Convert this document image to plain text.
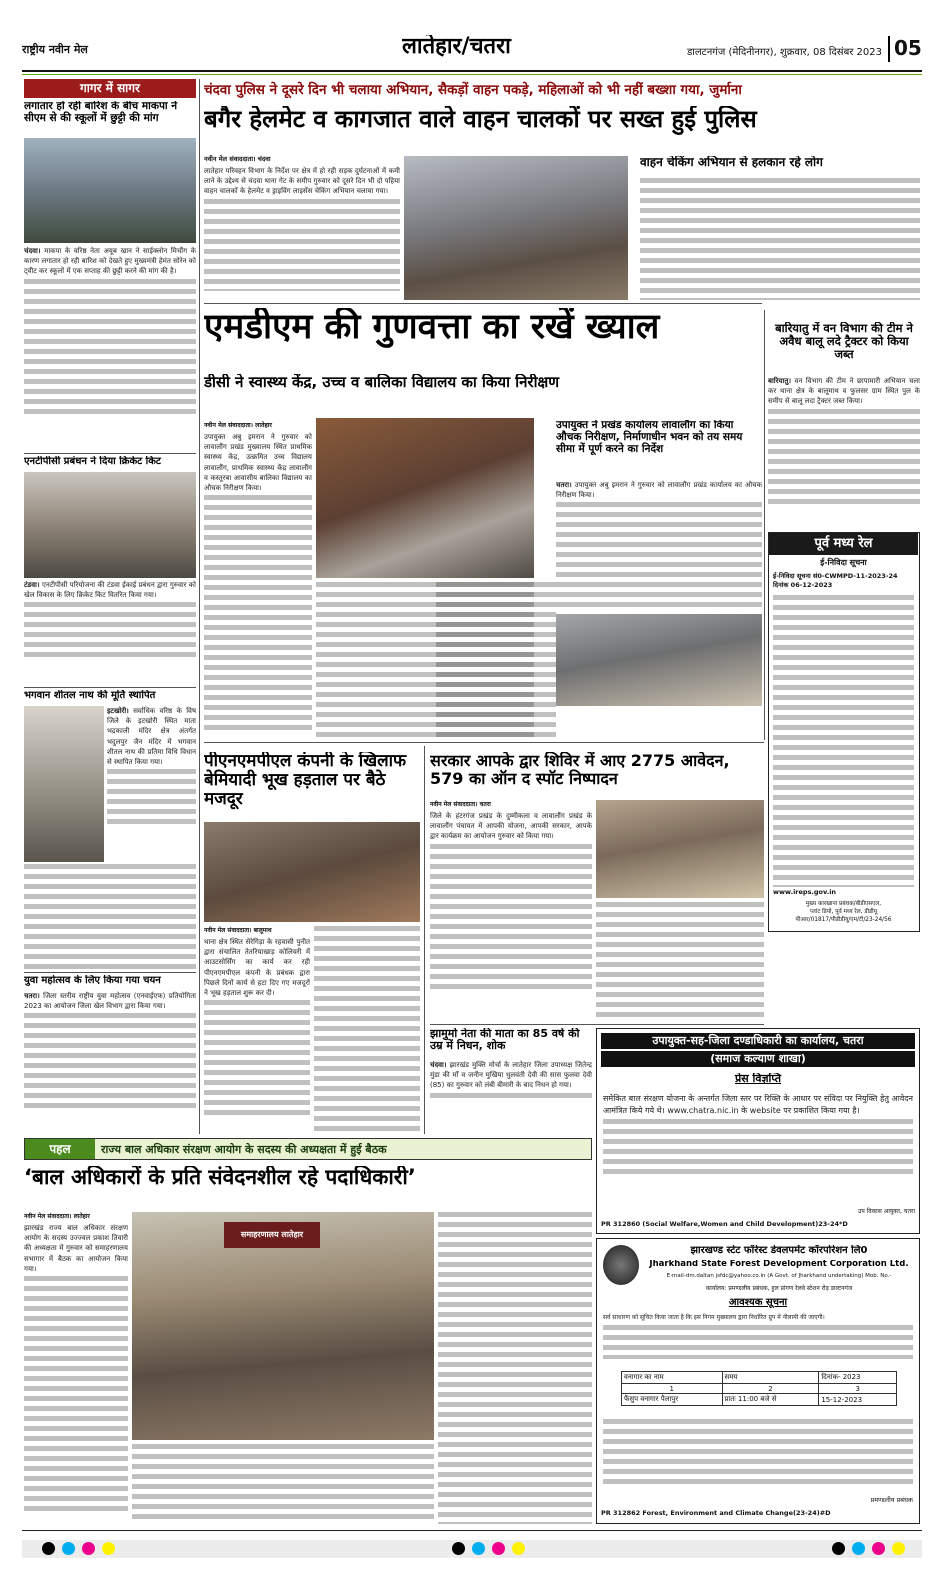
राष्ट्रीय नवीन मेल	लातेहार/चतरा	डालटनगंज (मेदिनीनगर), शुक्रवार, 08 दिसंबर 2023 05
गागर में सागर
लगातार हो रही बारिश के बीच माकपा ने सीएम से की स्कूलों में छुट्टी की मांग
चंदवा। माकपा के वरिष्ठ नेता अयूब खान ने साईक्लोन मिचौंग के कारण लगातार हो रही बारिश को देखते हुए मुख्यमंत्री हेमंत सोरेन को ट्वीट कर स्कूलों में एक सप्ताह की छुट्टी करने की मांग की है।
एनटीपीसी प्रबंधन ने दिया क्रिकेट किट
टंडवा। एनटीपीसी परियोजना की टंडवा ईकाई प्रबंधन द्वारा गुरुवार को खेल विकास के लिए क्रिकेट किट वितरित किया गया।
भगवान शीतल नाथ की मूर्ति स्थापित
इटखोरी। सर्वाधिक वरिष्ठ के विष जिले के इटखोरी स्थित माता भद्रकाली मंदिर क्षेत्र अंतर्गत भदुलपुर जैन मंदिर में भगवान शीतल नाथ की प्रतिमा विधि विधान से स्थापित किया गया।
युवा महोत्सव के लिए किया गया चयन
चतरा। जिला स्तरीय राष्ट्रीय युवा महोत्सव (एनवाईएफ) प्रतियोगिता 2023 का आयोजन जिला खेल विभाग द्वारा किया गया।
चंदवा पुलिस ने दूसरे दिन भी चलाया अभियान, सैकड़ों वाहन पकड़े, महिलाओं को भी नहीं बख्शा गया, जुर्माना
बगैर हेलमेट व कागजात वाले वाहन चालकों पर सख्त हुई पुलिस
नवीन मेल संवाददाता। चंदवा
लातेहार परिवहन विभाग के निर्देश पर क्षेत्र में हो रही सड़क दुर्घटनाओं में कमी लाने के उद्देश्य से चंदवा थाना गेट के समीप गुरुवार को दूसरे दिन भी दो पहिया वाहन चालकों के हेलमेट व ड्राइविंग लाइसेंस चेकिंग अभियान चलाया गया।
वाहन चेकिंग अभियान से हलकान रहे लोग
एमडीएम की गुणवत्ता का रखें ख्याल
डीसी ने स्वास्थ्य केंद्र, उच्च व बालिका विद्यालय का किया निरीक्षण
नवीन मेल संवाददाता। लातेहार
उपायुक्त अबु इमरान ने गुरुवार को लावालौंग प्रखंड मुख्यालय स्थित प्राथमिक स्वास्थ्य केंद्र, उत्क्रमित उच्च विद्यालय लावालौंग, प्राथमिक स्वास्थ्य केंद्र लावालौंग व कस्तूरबा आवासीय बालिका विद्यालय का औचक निरीक्षण किया।
उपायुक्त ने प्रखंड कार्यालय लावालौंग का किया औचक निरीक्षण, निर्माणाधीन भवन को तय समय सीमा में पूर्ण करने का निर्देश
चतरा। उपायुक्त अबु इमरान ने गुरुवार को लावालौंग प्रखंड कार्यालय का औचक निरीक्षण किया।
बारियातु में वन विभाग की टीम ने अवैध बालू लदे ट्रैक्टर को किया जब्त
बारियातु। वन विभाग की टीम ने छापामारी अभियान चला कर थाना क्षेत्र के बालूमाथ व फुलसर ग्राम स्थित पुल के समीप से बालू लदा ट्रैक्टर जब्त किया।
पूर्व मध्य रेल
ई-निविदा सूचना
ई-निविदा सूचना सं0-CWMPD-11-2023-24 दिनांक 06-12-2023
www.ireps.gov.in
मुख्य कारखाना प्रबंधक/बीडीएसएल,
प्लांट डिपो, पूर्व मध्य रेल, डीडीयू
पीआर/01817/पीडीडीयू/एम/टी/23-24/56
पीएनएमपीएल कंपनी के खिलाफ बेमियादी भूख हड़ताल पर बैठे मजदूर
नवीन मेल संवाददाता। बालूमाथ
थाना क्षेत्र स्थित सेरेगिड़ा के रहवासी पुनीत द्वारा संचालित तेतरियाखाड़ कोलियरी में आउटसोर्सिंग का कार्य कर रही पीएनएमपीएल कंपनी के प्रबंधक द्वारा पिछले दिनों कार्य से हटा दिए गए मजदूरों ने भूख हड़ताल शुरू कर दी।
सरकार आपके द्वार शिविर में आए 2775 आवेदन, 579 का ऑन द स्पॉट निष्पादन
नवीन मेल संवाददाता। चतरा
जिले के हंटरगंज प्रखंड के दुम्मीकला व लावालौंग प्रखंड के लावालौंग पंचायत में आपकी योजना, आपकी सरकार, आपके द्वार कार्यक्रम का आयोजन गुरुवार को किया गया।
झामुमो नेता की माता का 85 वर्ष की उम्र में निधन, शोक
चंदवा। झारखंड मुक्ति मोर्चा के लातेहार जिला उपाध्यक्ष जितेन्द्र मुंडा की माँ व जनीन मुखिया धुलवंती देवी की सास फुलवा देवी (85) का गुरुवार को लंबी बीमारी के बाद निधन हो गया।
उपायुक्त-सह-जिला दण्डाधिकारी का कार्यालय, चतरा
(समाज कल्याण शाखा)
प्रेस विज्ञप्ति
समेकित बाल संरक्षण योजना के अन्तर्गत जिला स्तर पर रिक्ति के आधार पर संविदा पर नियुक्ति हेतु आवेदन आमंत्रित किये गये थे। www.chatra.nic.in के website पर प्रकाशित किया गया है।
उप विकास आयुक्त, चतरा
PR 312860 (Social Welfare,Women and Child Development)23-24*D
पहल	राज्य बाल अधिकार संरक्षण आयोग के सदस्य की अध्यक्षता में हुई बैठक
‘बाल अधिकारों के प्रति संवेदनशील रहे पदाधिकारी’
नवीन मेल संवाददाता। लातेहार
झारखंड राज्य बाल अधिकार संरक्षण आयोग के सदस्य उज्ज्वल प्रकाश तिवारी की अध्यक्षता में गुरुवार को समाहरणालय सभागार में बैठक का आयोजन किया गया।
समाहरणालय लातेहार
झारखण्ड स्टेट फॉरेस्ट डेवलपमेंट कॉरपोरेशन लि0
Jharkhand State Forest Development Corporation Ltd.
E-mail-dm.daltan jsfdc@yahoo.co.in (A Govt. of Jharkhand undertaking) Mob. No.-
कार्यालय: प्रमण्डलीय प्रबंधक, हुल प्रांगण रेलवे स्टेशन रोड़ डाल्टनगंज
आवश्यक सूचना
सर्व साधारण को सूचित किया जाता है कि इस निगम मुख्यालय द्वारा निर्धारित ग्रुप में नीलामी की जाएगी।
वनागार का नाम	समय	दिनांक- 2023
1	2	3
फैंसुप वनागार पैलापुर	प्रातः 11:00 बजे से	15-12-2023
प्रमण्डलीय प्रबंधक
PR 312862 Forest, Environment and Climate Change(23-24)#D
